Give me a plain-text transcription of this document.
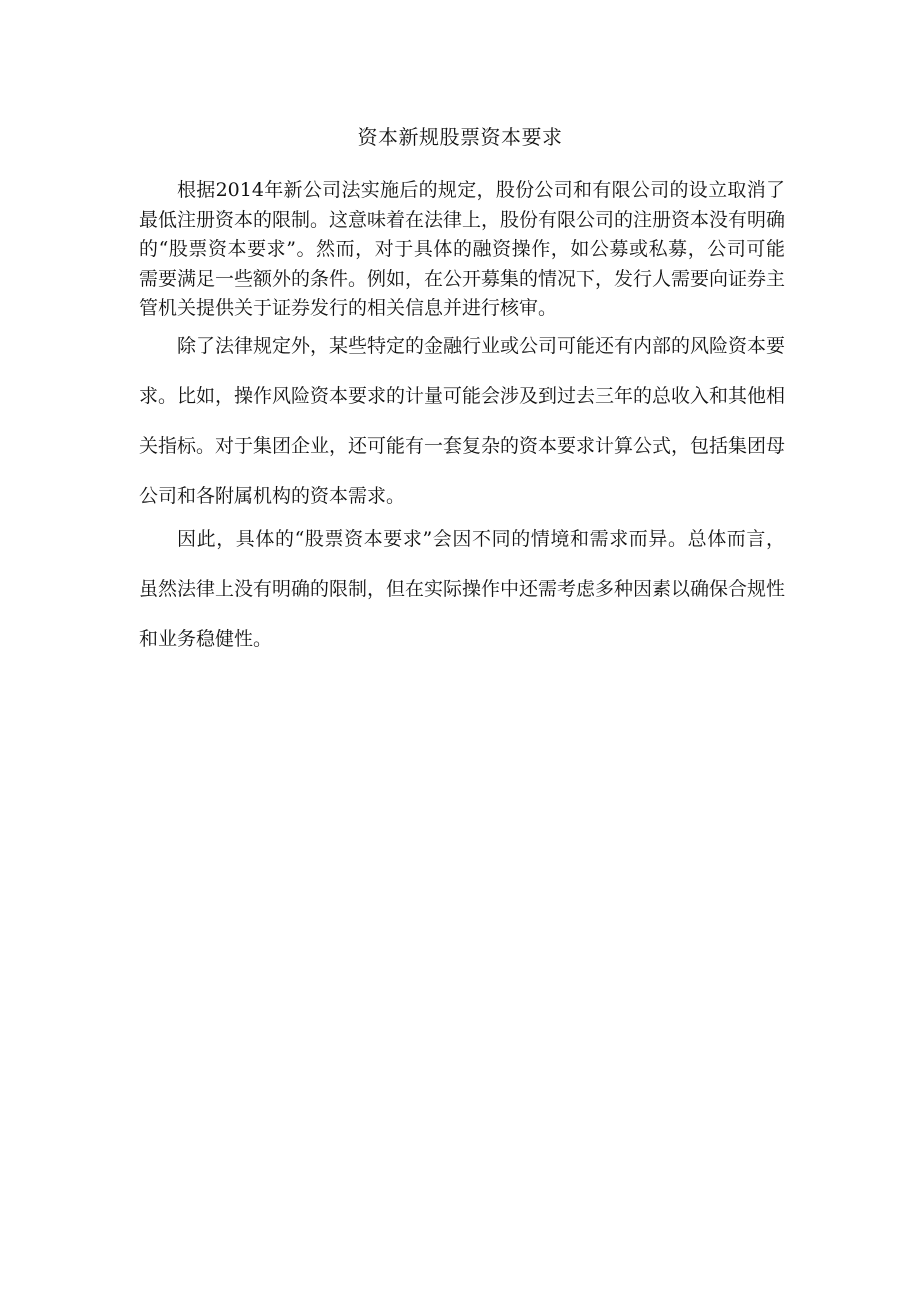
资本新规股票资本要求

根据2014年新公司法实施后的规定，股份公司和有限公司的设立取消了最低注册资本的限制。这意味着在法律上，股份有限公司的注册资本没有明确的“股票资本要求”。然而，对于具体的融资操作，如公募或私募，公司可能需要满足一些额外的条件。例如，在公开募集的情况下，发行人需要向证券主管机关提供关于证券发行的相关信息并进行核审。

除了法律规定外，某些特定的金融行业或公司可能还有内部的风险资本要求。比如，操作风险资本要求的计量可能会涉及到过去三年的总收入和其他相关指标。对于集团企业，还可能有一套复杂的资本要求计算公式，包括集团母公司和各附属机构的资本需求。

因此，具体的“股票资本要求”会因不同的情境和需求而异。总体而言，虽然法律上没有明确的限制，但在实际操作中还需考虑多种因素以确保合规性和业务稳健性。
